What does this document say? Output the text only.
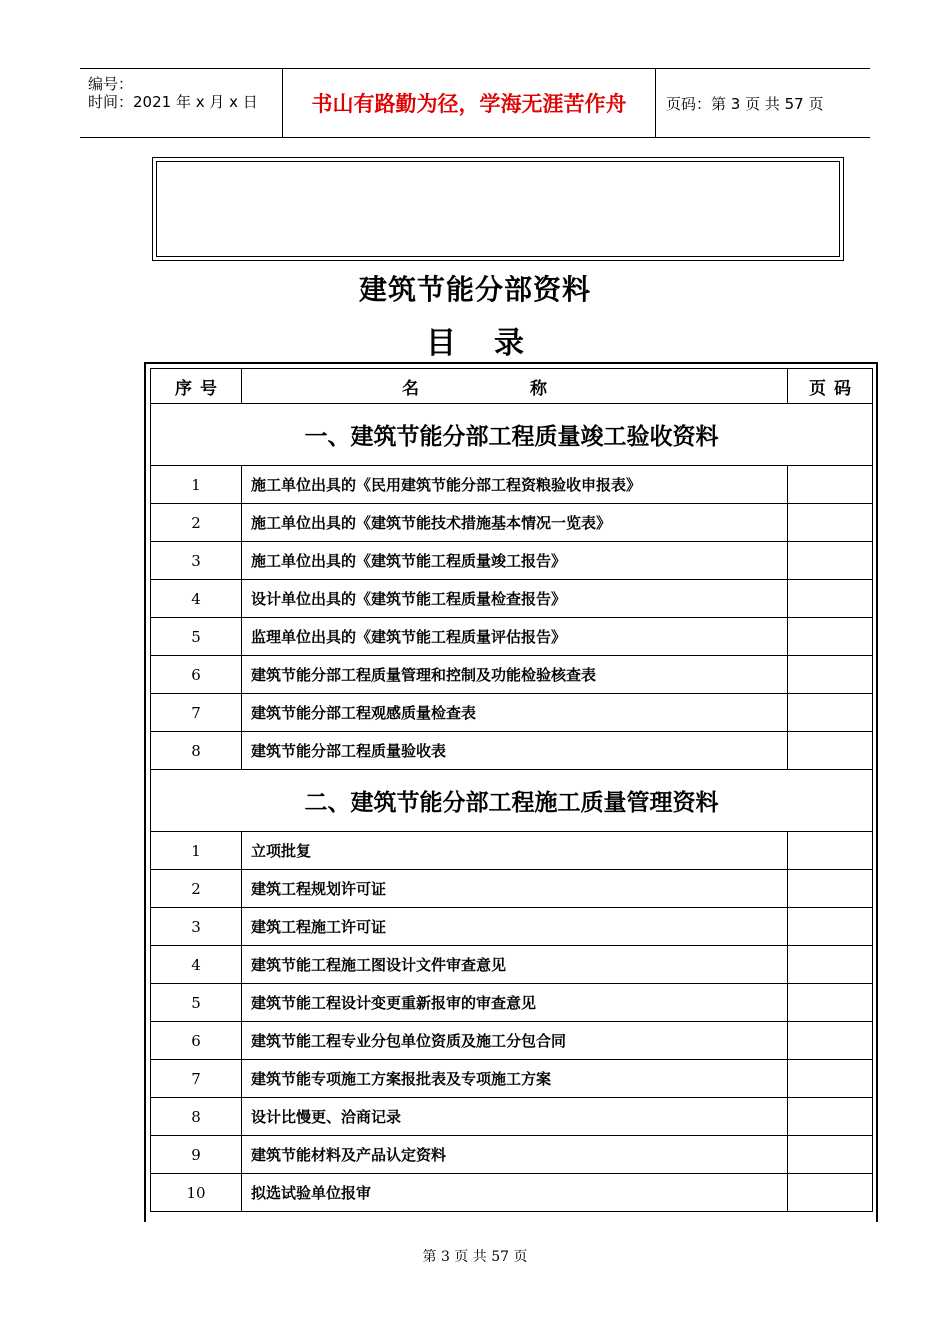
编号：
时间：2021 年 x 月 x 日	书山有路勤为径，学海无涯苦作舟	页码：第 3 页 共 57 页
建筑节能分部资料
目 录
序 号	名 称	页 码

一、建筑节能分部工程质量竣工验收资料		
1	施工单位出具的《民用建筑节能分部工程资粮验收申报表》	
2	施工单位出具的《建筑节能技术措施基本情况一览表》	
3	施工单位出具的《建筑节能工程质量竣工报告》	
4	设计单位出具的《建筑节能工程质量检查报告》	
5	监理单位出具的《建筑节能工程质量评估报告》	
6	建筑节能分部工程质量管理和控制及功能检验核查表	
7	建筑节能分部工程观感质量检查表	
8	建筑节能分部工程质量验收表	
二、建筑节能分部工程施工质量管理资料		
1	立项批复	
2	建筑工程规划许可证	
3	建筑工程施工许可证	
4	建筑节能工程施工图设计文件审查意见	
5	建筑节能工程设计变更重新报审的审查意见	
6	建筑节能工程专业分包单位资质及施工分包合同	
7	建筑节能专项施工方案报批表及专项施工方案	
8	设计比慢更、洽商记录	
9	建筑节能材料及产品认定资料	
10	拟选试验单位报审	
第 3 页 共 57 页
